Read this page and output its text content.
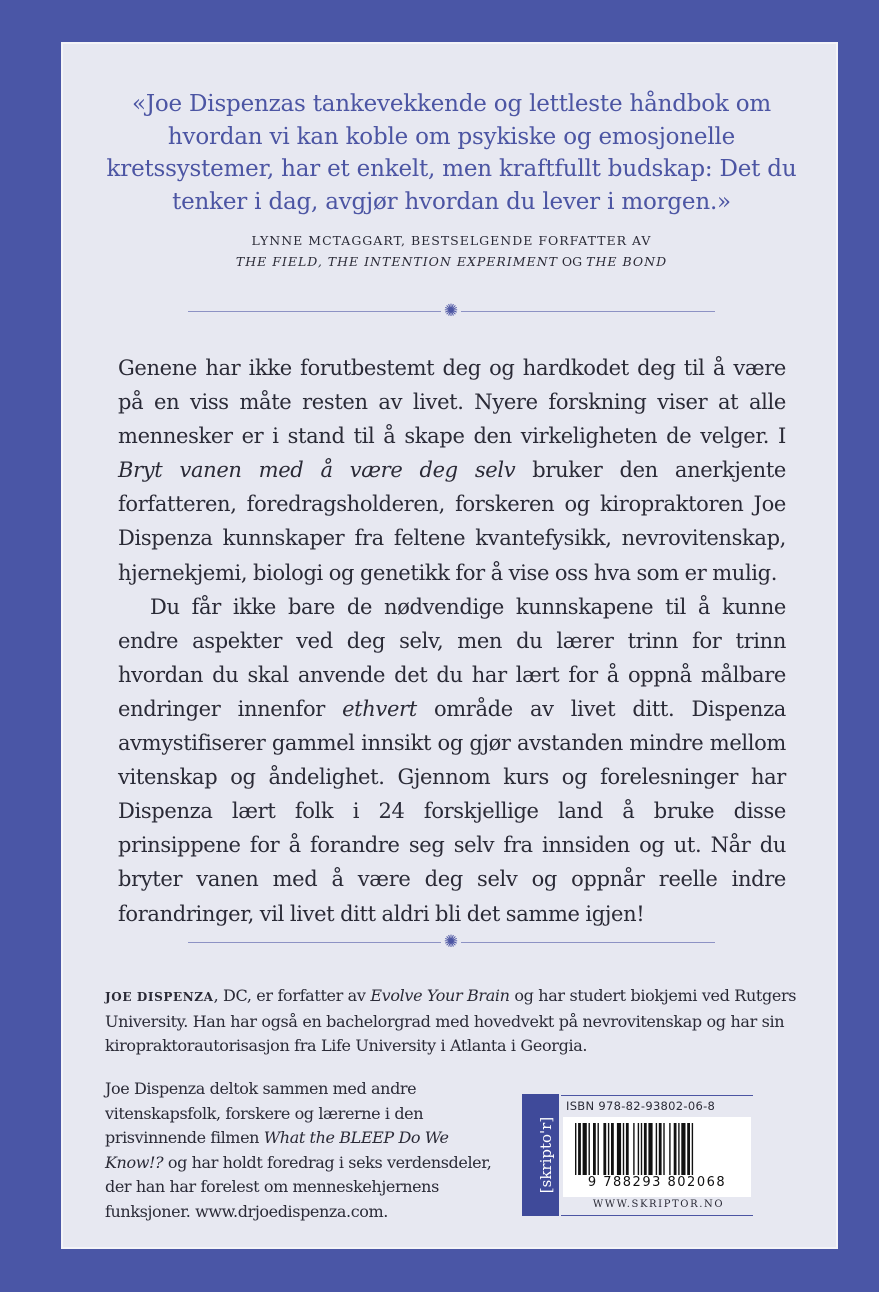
«Joe Dispenzas tankevekkende og lettleste håndbok om hvordan vi kan koble om psykiske og emosjonelle kretssystemer, har et enkelt, men kraftfullt budskap: Det du tenker i dag, avgjør hvordan du lever i morgen.»
LYNNE MCTAGGART, BESTSELGENDE FORFATTER AV
THE FIELD, THE INTENTION EXPERIMENT OG THE BOND
✺

Genene har ikke forutbestemt deg og hardkodet deg til å være på en viss måte resten av livet. Nyere forskning viser at alle mennesker er i stand til å skape den virkeligheten de velger. I Bryt vanen med å være deg selv bruker den anerkjente forfatteren, foredragsholderen, forskeren og kiropraktoren Joe Dispenza kunnskaper fra feltene kvantefysikk, nevrovitenskap, hjernekjemi, biologi og genetikk for å vise oss hva som er mulig.

Du får ikke bare de nødvendige kunnskapene til å kunne endre aspekter ved deg selv, men du lærer trinn for trinn hvordan du skal anvende det du har lært for å oppnå målbare endringer innenfor ethvert område av livet ditt. Dispenza avmystifiserer gammel innsikt og gjør avstanden mindre mellom vitenskap og åndelighet. Gjennom kurs og forelesninger har Dispenza lært folk i 24 forskjellige land å bruke disse prinsippene for å forandre seg selv fra innsiden og ut. Når du bryter vanen med å være deg selv og oppnår reelle indre forandringer, vil livet ditt aldri bli det samme igjen!

✺
JOE DISPENZA, DC, er forfatter av Evolve Your Brain og har studert biokjemi ved Rutgers University. Han har også en bachelorgrad med hovedvekt på nevrovitenskap og har sin kiropraktorautorisasjon fra Life University i Atlanta i Georgia.
Joe Dispenza deltok sammen med andre vitenskapsfolk, forskere og lærerne i den prisvinnende filmen What the BLEEP Do We Know!? og har holdt foredrag i seks verdensdeler, der han har forelest om menneskehjernens funksjoner. www.drjoedispenza.com.
[skripto'r]
ISBN 978-82-93802-06-8
9 788293 802068
WWW.SKRIPTOR.NO
